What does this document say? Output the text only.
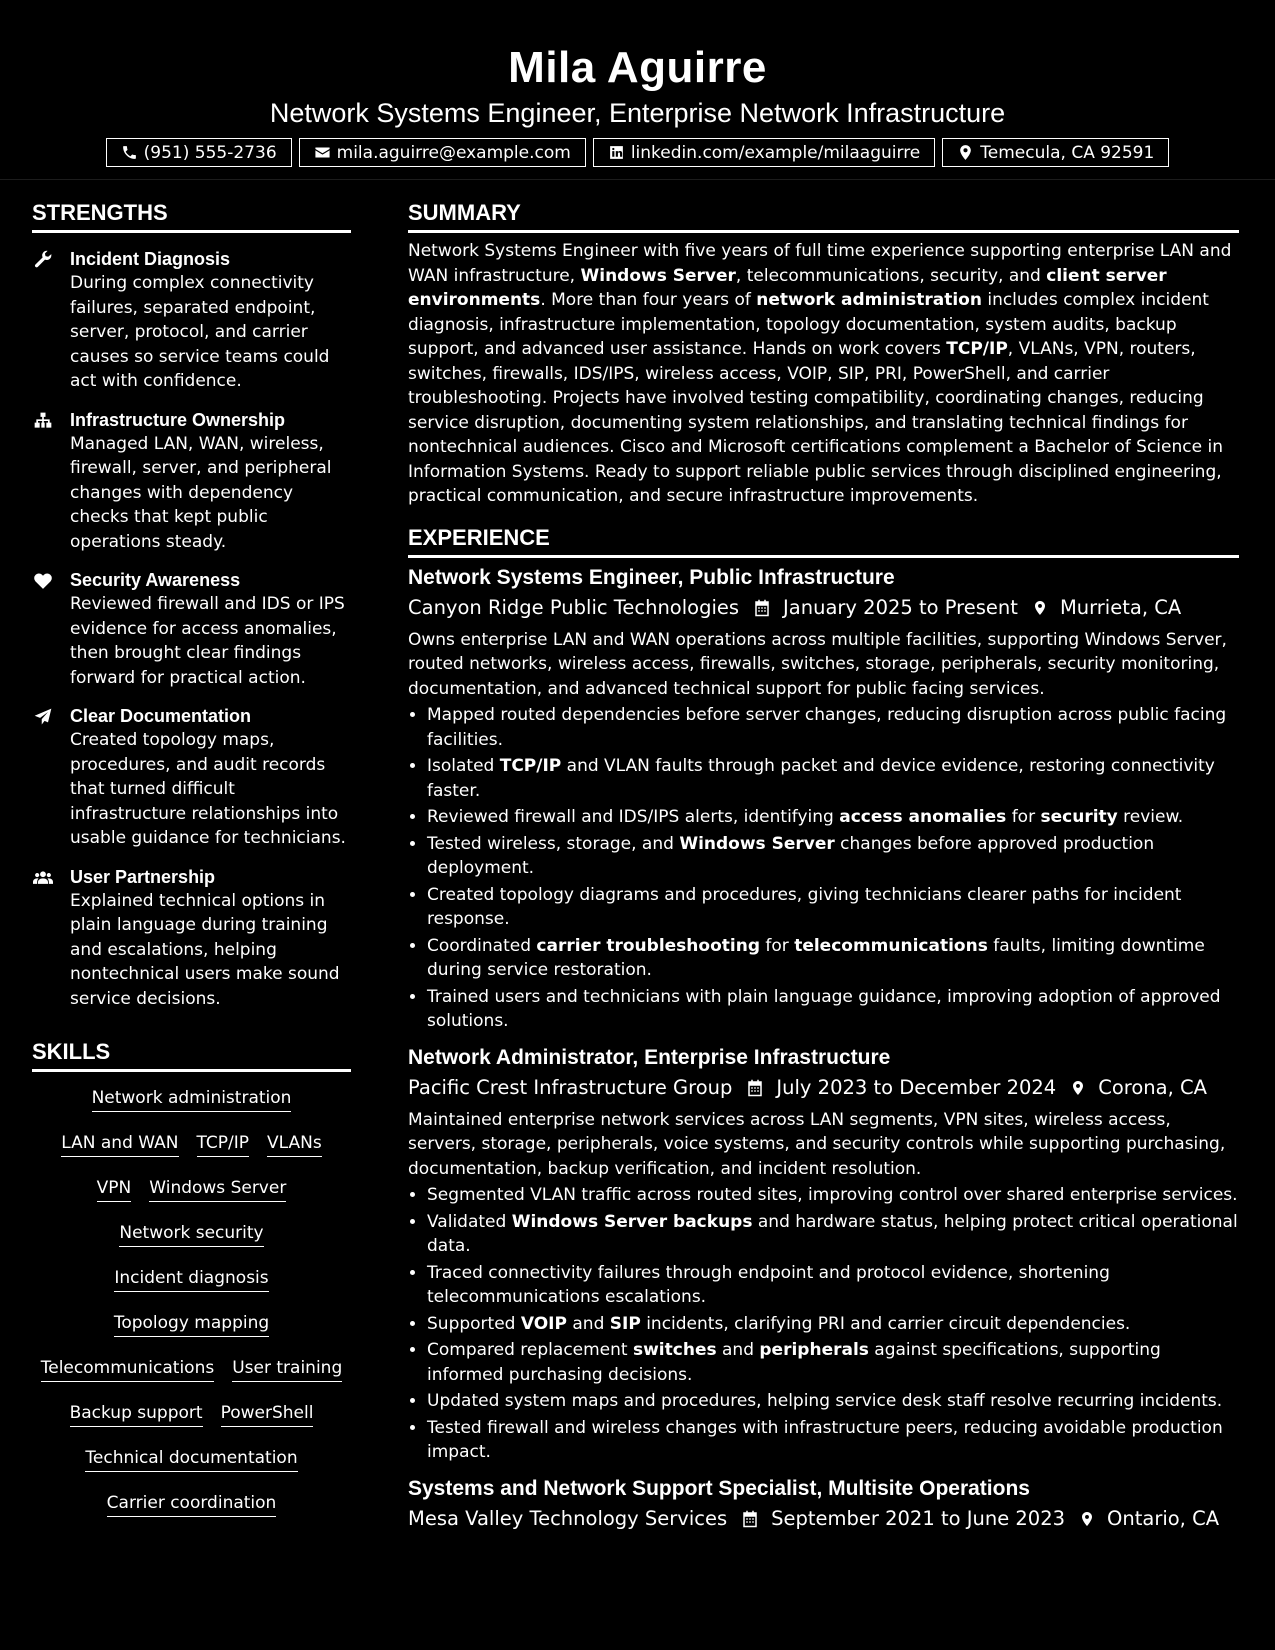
Mila Aguirre
Network Systems Engineer, Enterprise Network Infrastructure
(951) 555-2736	mila.aguirre@example.com	linkedin.com/example/milaaguirre	Temecula, CA 92591
STRENGTHS
Incident Diagnosis
During complex connectivity failures, separated endpoint, server, protocol, and carrier causes so service teams could act with confidence.
Infrastructure Ownership
Managed LAN, WAN, wireless, firewall, server, and peripheral changes with dependency checks that kept public operations steady.
Security Awareness
Reviewed firewall and IDS or IPS evidence for access anomalies, then brought clear findings forward for practical action.
Clear Documentation
Created topology maps, procedures, and audit records that turned difficult infrastructure relationships into usable guidance for technicians.
User Partnership
Explained technical options in plain language during training and escalations, helping nontechnical users make sound service decisions.
SKILLS
Network administration
LAN and WAN TCP/IP VLANs
VPN Windows Server
Network security
Incident diagnosis
Topology mapping
Telecommunications User training
Backup support PowerShell
Technical documentation
Carrier coordination
SUMMARY
Network Systems Engineer with five years of full time experience supporting enterprise LAN and WAN infrastructure, Windows Server, telecommunications, security, and client server environments. More than four years of network administration includes complex incident diagnosis, infrastructure implementation, topology documentation, system audits, backup support, and advanced user assistance. Hands on work covers TCP/IP, VLANs, VPN, routers, switches, firewalls, IDS/IPS, wireless access, VOIP, SIP, PRI, PowerShell, and carrier troubleshooting. Projects have involved testing compatibility, coordinating changes, reducing service disruption, documenting system relationships, and translating technical findings for nontechnical audiences. Cisco and Microsoft certifications complement a Bachelor of Science in Information Systems. Ready to support reliable public services through disciplined engineering, practical communication, and secure infrastructure improvements.
EXPERIENCE
Network Systems Engineer, Public Infrastructure
Canyon Ridge Public Technologies January 2025 to Present Murrieta, CA
Owns enterprise LAN and WAN operations across multiple facilities, supporting Windows Server, routed networks, wireless access, firewalls, switches, storage, peripherals, security monitoring, documentation, and advanced technical support for public facing services.
• Mapped routed dependencies before server changes, reducing disruption across public facing facilities.
• Isolated TCP/IP and VLAN faults through packet and device evidence, restoring connectivity faster.
• Reviewed firewall and IDS/IPS alerts, identifying access anomalies for security review.
• Tested wireless, storage, and Windows Server changes before approved production deployment.
• Created topology diagrams and procedures, giving technicians clearer paths for incident response.
• Coordinated carrier troubleshooting for telecommunications faults, limiting downtime during service restoration.
• Trained users and technicians with plain language guidance, improving adoption of approved solutions.
Network Administrator, Enterprise Infrastructure
Pacific Crest Infrastructure Group July 2023 to December 2024 Corona, CA
Maintained enterprise network services across LAN segments, VPN sites, wireless access, servers, storage, peripherals, voice systems, and security controls while supporting purchasing, documentation, backup verification, and incident resolution.
• Segmented VLAN traffic across routed sites, improving control over shared enterprise services.
• Validated Windows Server backups and hardware status, helping protect critical operational data.
• Traced connectivity failures through endpoint and protocol evidence, shortening telecommunications escalations.
• Supported VOIP and SIP incidents, clarifying PRI and carrier circuit dependencies.
• Compared replacement switches and peripherals against specifications, supporting informed purchasing decisions.
• Updated system maps and procedures, helping service desk staff resolve recurring incidents.
• Tested firewall and wireless changes with infrastructure peers, reducing avoidable production impact.
Systems and Network Support Specialist, Multisite Operations
Mesa Valley Technology Services September 2021 to June 2023 Ontario, CA
